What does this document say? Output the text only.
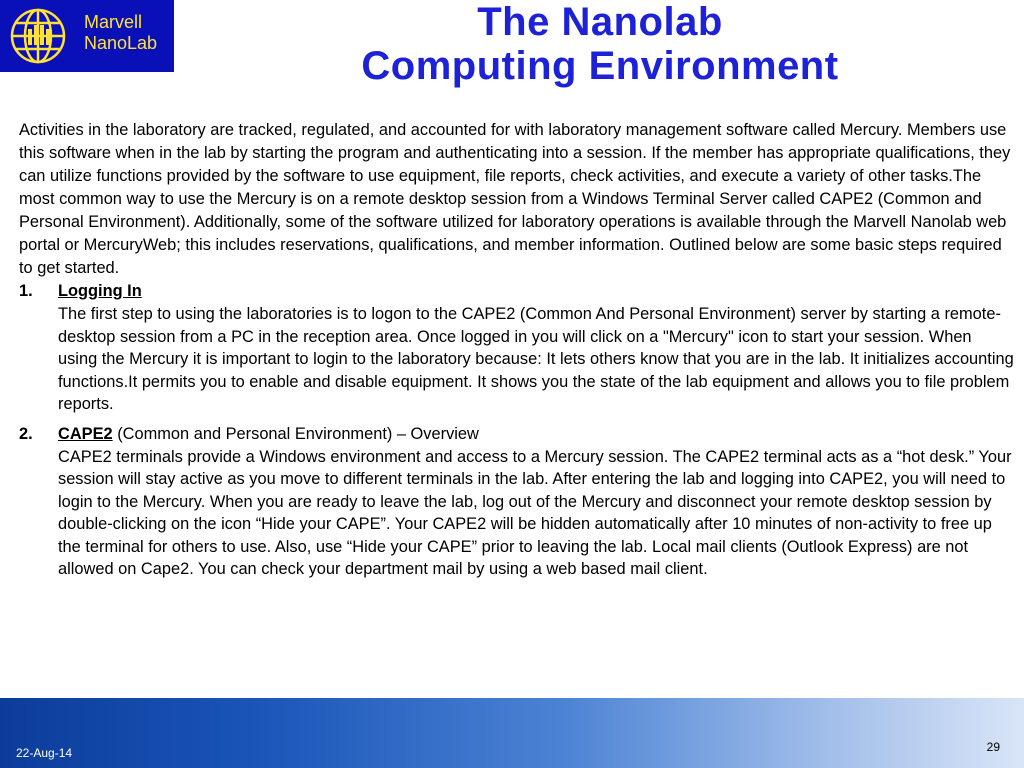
Marvell
NanoLab	The Nanolab
Computing Environment

Activities in the laboratory are tracked, regulated, and accounted for with laboratory management software called Mercury. Members use this software when in the lab by starting the program and authenticating into a session. If the member has appropriate qualifications, they can utilize functions provided by the software to use equipment, file reports, check activities, and execute a variety of other tasks.The most common way to use the Mercury is on a remote desktop session from a Windows Terminal Server called CAPE2 (Common and Personal Environment). Additionally, some of the software utilized for laboratory operations is available through the Marvell Nanolab web portal or MercuryWeb; this includes reservations, qualifications, and member information. Outlined below are some basic steps required to get started.

1. Logging In
The first step to using the laboratories is to logon to the CAPE2 (Common And Personal Environment) server by starting a remote-desktop session from a PC in the reception area. Once logged in you will click on a "Mercury" icon to start your session. When using the Mercury it is important to login to the laboratory because: It lets others know that you are in the lab. It initializes accounting functions.It permits you to enable and disable equipment. It shows you the state of the lab equipment and allows you to file problem reports.
2. CAPE2 (Common and Personal Environment) – Overview
CAPE2 terminals provide a Windows environment and access to a Mercury session. The CAPE2 terminal acts as a “hot desk.” Your session will stay active as you move to different terminals in the lab. After entering the lab and logging into CAPE2, you will need to login to the Mercury. When you are ready to leave the lab, log out of the Mercury and disconnect your remote desktop session by double-clicking on the icon “Hide your CAPE”. Your CAPE2 will be hidden automatically after 10 minutes of non-activity to free up the terminal for others to use. Also, use “Hide your CAPE” prior to leaving the lab. Local mail clients (Outlook Express) are not allowed on Cape2. You can check your department mail by using a web based mail client.
22-Aug-14	29
